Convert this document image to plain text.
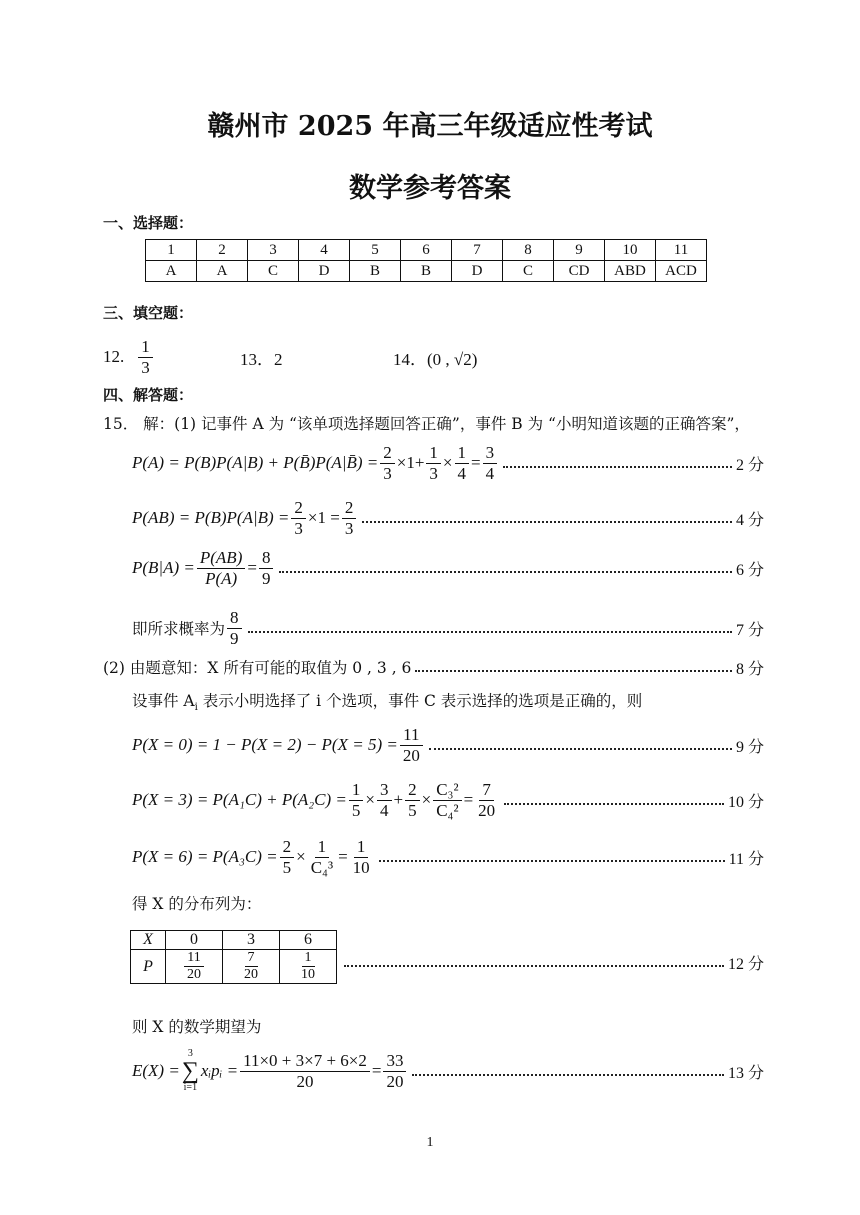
赣州市 2025 年高三年级适应性考试
数学参考答案
一、选择题：
1	2	3	4	5	6	7	8	9	10	11
A	A	C	D	B	B	D	C	CD	ABD	ACD
三、填空题：
12. $\frac{1}{3}$	13．2	14．(0 , √2)
四、解答题：
15． 解：(1) 记事件 A 为 “该单项选择题回答正确”，事件 B 为 “小明知道该题的正确答案”，
P(A) = P(B)P(A|B) + P(B̄)P(A|B̄) = $\frac{2}{3} \times 1+ \frac{1}{3} \times \frac{1}{4} = \frac{3}{4}$	2 分
$P(AB) = P(B)P(A|B) = \frac{2}{3} \times 1 = \frac{2}{3}$	4 分
$P(B|A) = \frac{P(AB)}{P(A)} = \frac{8}{9}$	6 分
即所求概率为 $\frac{8}{9}$	7 分
(2) 由题意知：X 所有可能的取值为 0 , 3 , 6	8 分
设事件 $A_i$ 表示小明选择了 i 个选项，事件 C 表示选择的选项是正确的，则
$P(X = 0) = 1 - P(X = 2) - P(X = 5) = \frac{11}{20}$	9 分
$P(X = 3) = P(A_1C) + P(A_2C) = \frac{1}{5} \times \frac{3}{4} + \frac{2}{5} \times \frac{\text{C₃²}}{\text{C₄²}} = \frac{7}{20}$	10 分
$P(X = 6) = P(A_3C) = \frac{2}{5} \times \frac{1}{\text{C₄³}} = \frac{1}{10}$	11 分
得 X 的分布列为：
X	0	3	6
P	$\frac{11}{20}$	$\frac{7}{20}$	$\frac{1}{10}$	12 分
则 X 的数学期望为
E(X) =
3
∑
i=1
xᵢpᵢ = $\frac{11\times 0 + 3\times 7 + 6\times 2}{20} = \frac{33}{20}$	13 分
1
